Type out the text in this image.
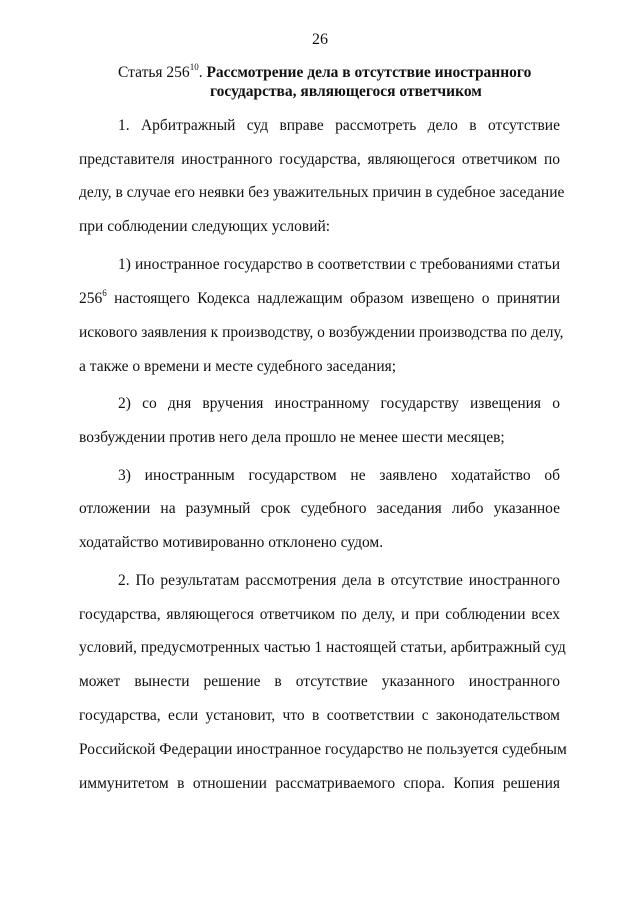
26
Статья $256^{10}$. Рассмотрение дела в отсутствие иностранного
государства, являющегося ответчиком
1. Арбитражный суд вправе рассмотреть дело в отсутствие
представителя иностранного государства, являющегося ответчиком по
делу, в случае его неявки без уважительных причин в судебное заседание
при соблюдении следующих условий:
1) иностранное государство в соответствии с требованиями статьи
$256^6$ настоящего Кодекса надлежащим образом извещено о принятии
искового заявления к производству, о возбуждении производства по делу,
а также о времени и месте судебного заседания;
2) со дня вручения иностранному государству извещения о
возбуждении против него дела прошло не менее шести месяцев;
3) иностранным государством не заявлено ходатайство об
отложении на разумный срок судебного заседания либо указанное
ходатайство мотивированно отклонено судом.
2. По результатам рассмотрения дела в отсутствие иностранного
государства, являющегося ответчиком по делу, и при соблюдении всех
условий, предусмотренных частью 1 настоящей статьи, арбитражный суд
может вынести решение в отсутствие указанного иностранного
государства, если установит, что в соответствии с законодательством
Российской Федерации иностранное государство не пользуется судебным
иммунитетом в отношении рассматриваемого спора. Копия решения
